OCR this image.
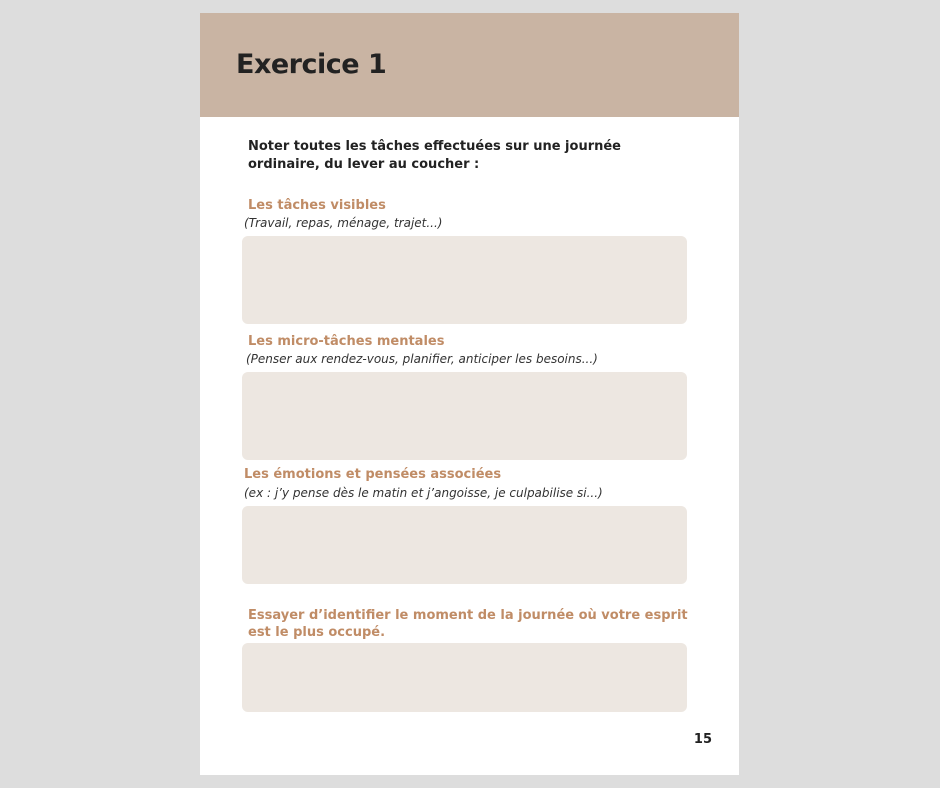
Exercice 1

Noter toutes les tâches effectuées sur une journée ordinaire, du lever au coucher :

Les tâches visibles

(Travail, repas, ménage, trajet...)

Les micro-tâches mentales

(Penser aux rendez-vous, planifier, anticiper les besoins...)

Les émotions et pensées associées

(ex : j’y pense dès le matin et j’angoisse, je culpabilise si...)

Essayer d’identifier le moment de la journée où votre esprit est le plus occupé.

15
